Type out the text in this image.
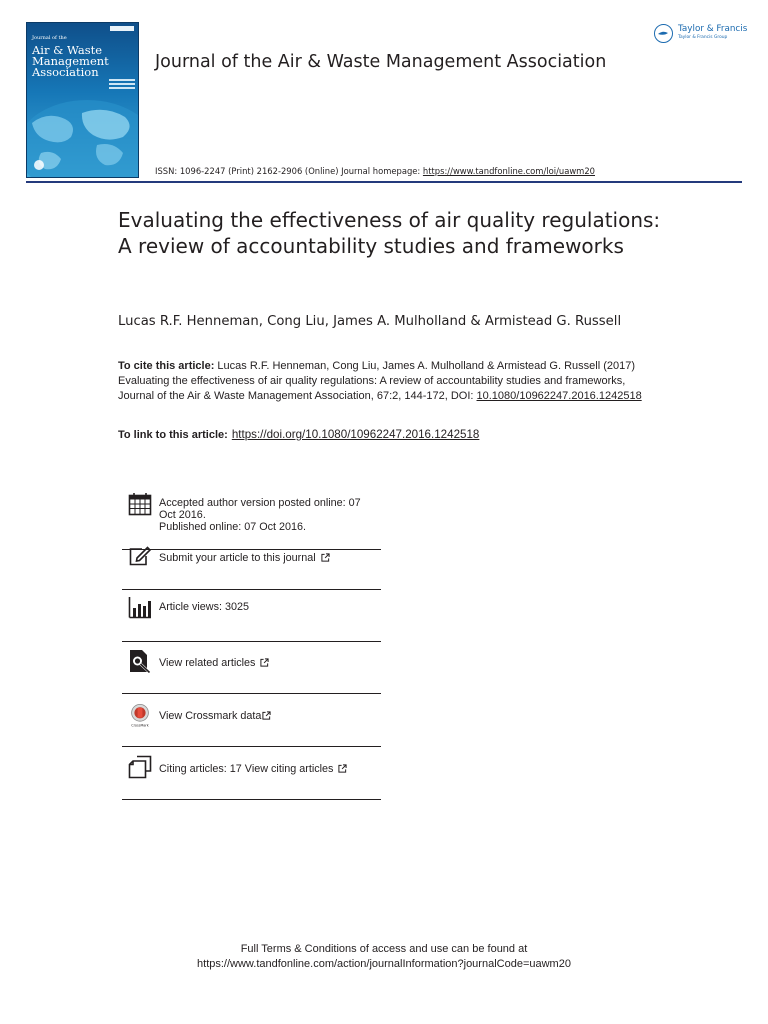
Journal of the
Air & Waste
Management
Association	Journal of the Air & Waste Management Association
ISSN: 1096-2247 (Print) 2162-2906 (Online) Journal homepage: https://www.tandfonline.com/loi/uawm20
Taylor & Francis
Taylor & Francis Group
Evaluating the effectiveness of air quality regulations: A review of accountability studies and frameworks
Lucas R.F. Henneman, Cong Liu, James A. Mulholland & Armistead G. Russell
To cite this article: Lucas R.F. Henneman, Cong Liu, James A. Mulholland & Armistead G. Russell (2017) Evaluating the effectiveness of air quality regulations: A review of accountability studies and frameworks, Journal of the Air & Waste Management Association, 67:2, 144-172, DOI: 10.1080/10962247.2016.1242518
To link to this article: https://doi.org/10.1080/10962247.2016.1242518
Accepted author version posted online: 07
Oct 2016.
Published online: 07 Oct 2016.
Submit your article to this journal
Article views: 3025
View related articles
CrossMark
View Crossmark data
Citing articles: 17 View citing articles
Full Terms & Conditions of access and use can be found at
https://www.tandfonline.com/action/journalInformation?journalCode=uawm20
